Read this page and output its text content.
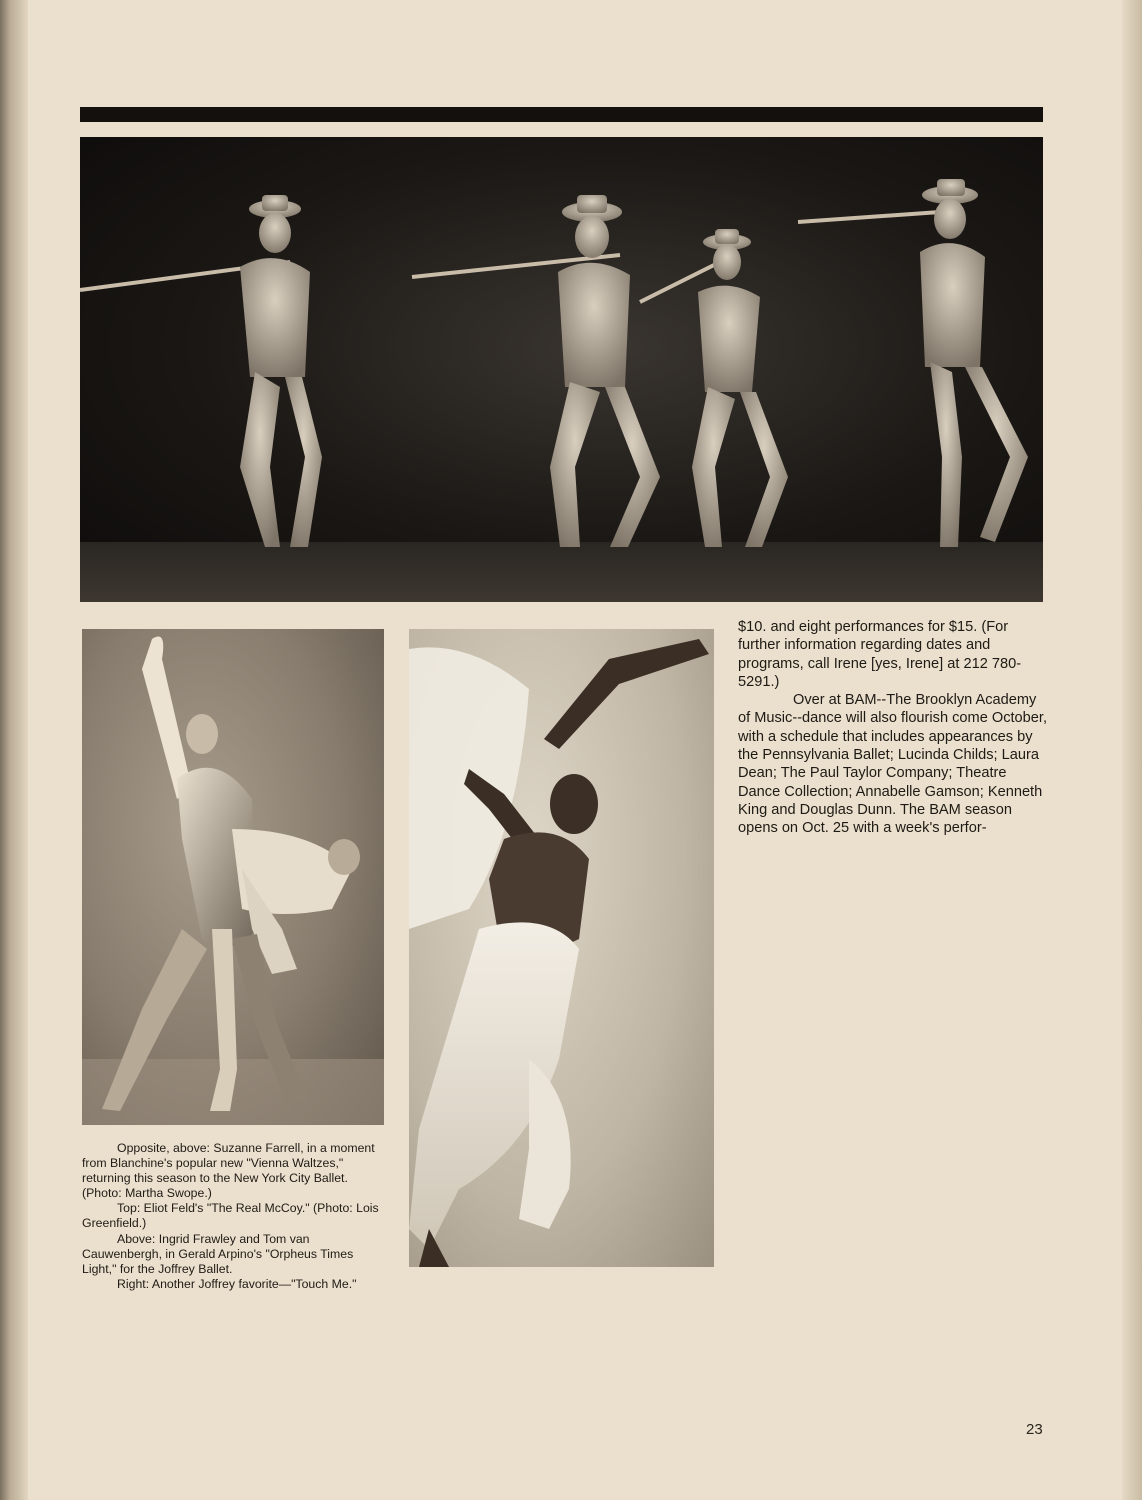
$10. and eight performances for $15. (For further information regarding dates and programs, call Irene [yes, Irene] at 212 780-5291.)

Over at BAM--The Brooklyn Academy of Music--dance will also flourish come October, with a schedule that includes appearances by the Pennsylvania Ballet; Lucinda Childs; Laura Dean; The Paul Taylor Company; Theatre Dance Collection; Annabelle Gamson; Kenneth King and Douglas Dunn. The BAM season opens on Oct. 25 with a week's perfor-

Opposite, above: Suzanne Farrell, in a moment from Blanchine's popular new "Vienna Waltzes," returning this season to the New York City Ballet. (Photo: Martha Swope.)

Top: Eliot Feld's "The Real McCoy." (Photo: Lois Greenfield.)

Above: Ingrid Frawley and Tom van Cauwenbergh, in Gerald Arpino's "Orpheus Times Light," for the Joffrey Ballet.

Right: Another Joffrey favorite—"Touch Me."

23
